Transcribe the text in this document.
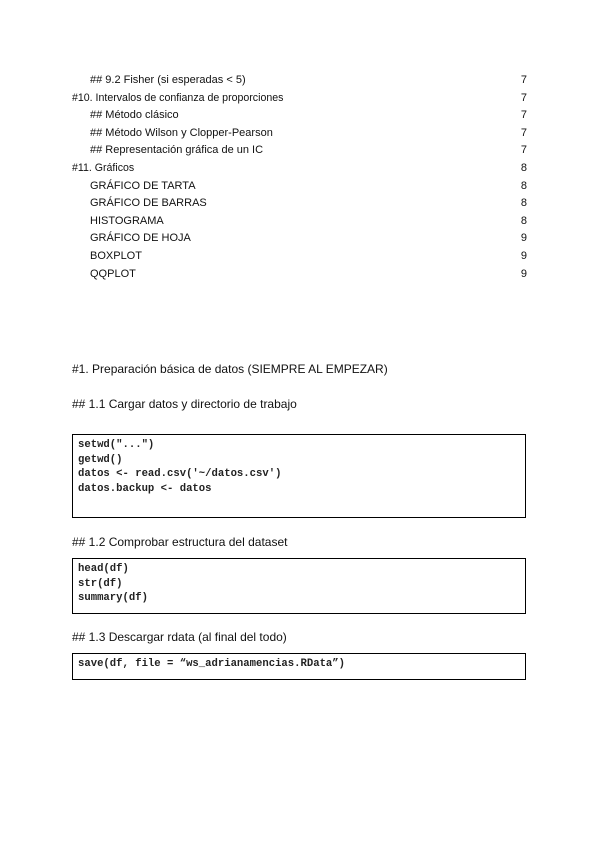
## 9.2 Fisher (si esperadas < 5)	7
#10. Intervalos de confianza de proporciones	7
## Método clásico	7
## Método Wilson y Clopper-Pearson	7
## Representación gráfica de un IC	7
#11. Gráficos	8
GRÁFICO DE TARTA	8
GRÁFICO DE BARRAS	8
HISTOGRAMA	8
GRÁFICO DE HOJA	9
BOXPLOT	9
QQPLOT	9
#1. Preparación básica de datos (SIEMPRE AL EMPEZAR)
## 1.1 Cargar datos y directorio de trabajo
setwd("...")
getwd()
datos <- read.csv('~/datos.csv')
datos.backup <- datos
## 1.2 Comprobar estructura del dataset
head(df)
str(df)
summary(df)
## 1.3 Descargar rdata (al final del todo)
save(df, file = “ws_adrianamencias.RData”)
